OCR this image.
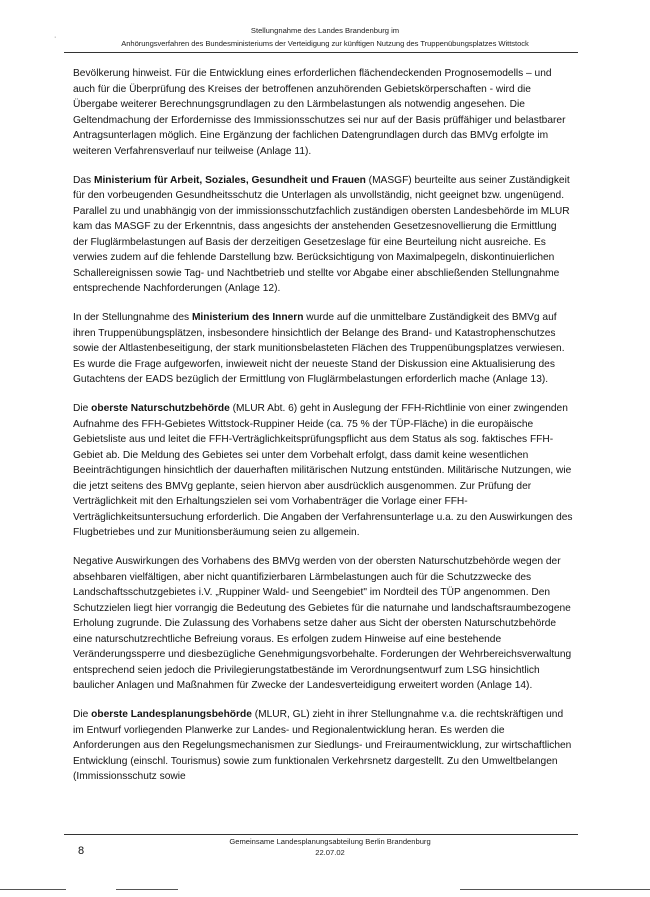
·
Stellungnahme des Landes Brandenburg im
Anhörungsverfahren des Bundesministeriums der Verteidigung zur künftigen Nutzung des Truppenübungsplatzes Wittstock

Bevölkerung hinweist. Für die Entwicklung eines erforderlichen flächendeckenden Prognosemodells – und auch für die Überprüfung des Kreises der betroffenen anzuhörenden Gebietskörperschaften - wird die Übergabe weiterer Berechnungsgrundlagen zu den Lärmbelastungen als notwendig angesehen. Die Geltendmachung der Erfordernisse des Immissionsschutzes sei nur auf der Basis prüffähiger und belastbarer Antragsunterlagen möglich. Eine Ergänzung der fachlichen Datengrundlagen durch das BMVg erfolgte im weiteren Verfahrensverlauf nur teilweise (Anlage 11).

Das Ministerium für Arbeit, Soziales, Gesundheit und Frauen (MASGF) beurteilte aus seiner Zuständigkeit für den vorbeugenden Gesundheitsschutz die Unterlagen als unvollständig, nicht geeignet bzw. ungenügend. Parallel zu und unabhängig von der immissionsschutzfachlich zuständigen obersten Landesbehörde im MLUR kam das MASGF zu der Erkenntnis, dass angesichts der anstehenden Gesetzesnovellierung die Ermittlung der Fluglärmbelastungen auf Basis der derzeitigen Gesetzeslage für eine Beurteilung nicht ausreiche. Es verwies zudem auf die fehlende Darstellung bzw. Berücksichtigung von Maximalpegeln, diskontinuierlichen Schallereignissen sowie Tag- und Nachtbetrieb und stellte vor Abgabe einer abschließenden Stellungnahme entsprechende Nachforderungen (Anlage 12).

In der Stellungnahme des Ministerium des Innern wurde auf die unmittelbare Zuständigkeit des BMVg auf ihren Truppenübungsplätzen, insbesondere hinsichtlich der Belange des Brand- und Katastrophenschutzes sowie der Altlastenbeseitigung, der stark munitionsbelasteten Flächen des Truppenübungsplatzes verwiesen. Es wurde die Frage aufgeworfen, inwieweit nicht der neueste Stand der Diskussion eine Aktualisierung des Gutachtens der EADS bezüglich der Ermittlung von Fluglärmbelastungen erforderlich mache (Anlage 13).

Die oberste Naturschutzbehörde (MLUR Abt. 6) geht in Auslegung der FFH-Richtlinie von einer zwingenden Aufnahme des FFH-Gebietes Wittstock-Ruppiner Heide (ca. 75 % der TÜP-Fläche) in die europäische Gebietsliste aus und leitet die FFH-Verträglichkeitsprüfungspflicht aus dem Status als sog. faktisches FFH-Gebiet ab. Die Meldung des Gebietes sei unter dem Vorbehalt erfolgt, dass damit keine wesentlichen Beeinträchtigungen hinsichtlich der dauerhaften militärischen Nutzung entstünden. Militärische Nutzungen, wie die jetzt seitens des BMVg geplante, seien hiervon aber ausdrücklich ausgenommen. Zur Prüfung der Verträglichkeit mit den Erhaltungszielen sei vom Vorhabenträger die Vorlage einer FFH-Verträglichkeitsuntersuchung erforderlich. Die Angaben der Verfahrensunterlage u.a. zu den Auswirkungen des Flugbetriebes und zur Munitionsberäumung seien zu allgemein.

Negative Auswirkungen des Vorhabens des BMVg werden von der obersten Naturschutzbehörde wegen der absehbaren vielfältigen, aber nicht quantifizierbaren Lärmbelastungen auch für die Schutzzwecke des Landschaftsschutzgebietes i.V. „Ruppiner Wald- und Seengebiet" im Nordteil des TÜP angenommen. Den Schutzzielen liegt hier vorrangig die Bedeutung des Gebietes für die naturnahe und landschaftsraumbezogene Erholung zugrunde. Die Zulassung des Vorhabens setze daher aus Sicht der obersten Naturschutzbehörde eine naturschutzrechtliche Befreiung voraus. Es erfolgen zudem Hinweise auf eine bestehende Veränderungssperre und diesbezügliche Genehmigungsvorbehalte. Forderungen der Wehrbereichsverwaltung entsprechend seien jedoch die Privilegierungstatbestände im Verordnungsentwurf zum LSG hinsichtlich baulicher Anlagen und Maßnahmen für Zwecke der Landesverteidigung erweitert worden (Anlage 14).

Die oberste Landesplanungsbehörde (MLUR, GL) zieht in ihrer Stellungnahme v.a. die rechtskräftigen und im Entwurf vorliegenden Planwerke zur Landes- und Regionalentwicklung heran. Es werden die Anforderungen aus den Regelungsmechanismen zur Siedlungs- und Freiraumentwicklung, zur wirtschaftlichen Entwicklung (einschl. Tourismus) sowie zum funktionalen Verkehrsnetz dargestellt. Zu den Umweltbelangen (Immissionsschutz sowie

8
Gemeinsame Landesplanungsabteilung Berlin Brandenburg
22.07.02
